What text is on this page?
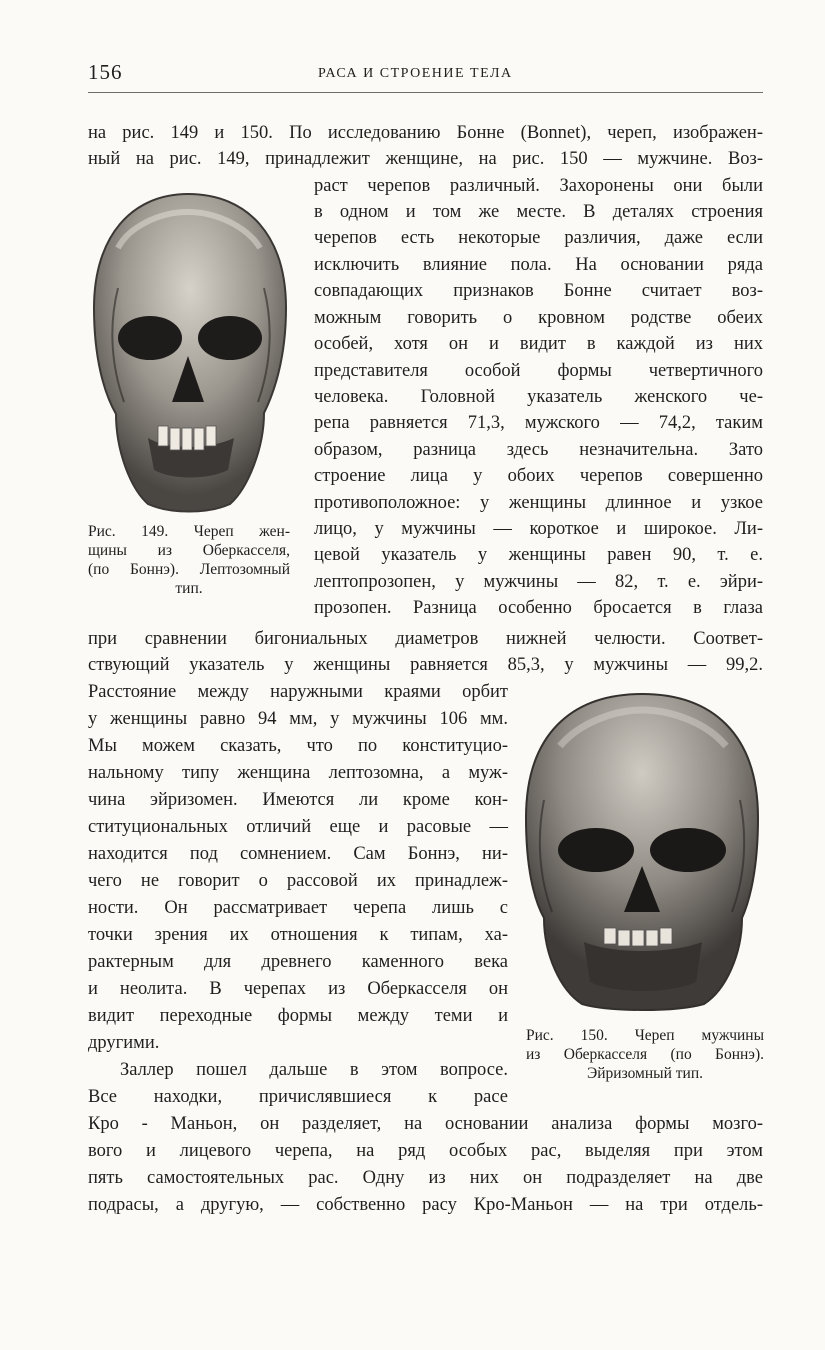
156	РАСА И СТРОЕНИЕ ТЕЛА
Рис. 149. Череп жен-
щины из Оберкасселя,
(по Боннэ). Лептозомный
тип.
Рис. 150. Череп мужчины
из Оберкасселя (по Боннэ).
Эйризомный тип.
на рис. 149 и 150. По исследованию Бонне (Bonnet), череп, изображен-
ный на рис. 149, принадлежит женщине, на рис. 150 — мужчине. Воз-
раст черепов различный. Захоронены они были
в одном и том же месте. В деталях строения
черепов есть некоторые различия, даже если
исключить влияние пола. На основании ряда
совпадающих признаков Бонне считает воз-
можным говорить о кровном родстве обеих
особей, хотя он и видит в каждой из них
представителя особой формы четвертичного
человека. Головной указатель женского че-
репа равняется 71,3, мужского — 74,2, таким
образом, разница здесь незначительна. Зато
строение лица у обоих черепов совершенно
противоположное: у женщины длинное и узкое
лицо, у мужчины — короткое и широкое. Ли-
цевой указатель у женщины равен 90, т. е.
лептопрозопен, у мужчины — 82, т. е. эйри-
прозопен. Разница особенно бросается в глаза
при сравнении бигониальных диаметров нижней челюсти. Соответ-
ствующий указатель у женщины равняется 85,3, у мужчины — 99,2.
Расстояние между наружными краями орбит
у женщины равно 94 мм, у мужчины 106 мм.
Мы можем сказать, что по конституцио-
нальному типу женщина лептозомна, а муж-
чина эйризомен. Имеются ли кроме кон-
ституциональных отличий еще и расовые —
находится под сомнением. Сам Боннэ, ни-
чего не говорит о рассовой их принадлеж-
ности. Он рассматривает черепа лишь с
точки зрения их отношения к типам, ха-
рактерным для древнего каменного века
и неолита. В черепах из Оберкасселя он
видит переходные формы между теми и
другими.
Заллер пошел дальше в этом вопросе.
Все находки, причислявшиеся к расе
Кро - Маньон, он разделяет, на основании анализа формы мозго-
вого и лицевого черепа, на ряд особых рас, выделяя при этом
пять самостоятельных рас. Одну из них он подразделяет на две
подрасы, а другую, — собственно расу Кро-Маньон — на три отдель-
